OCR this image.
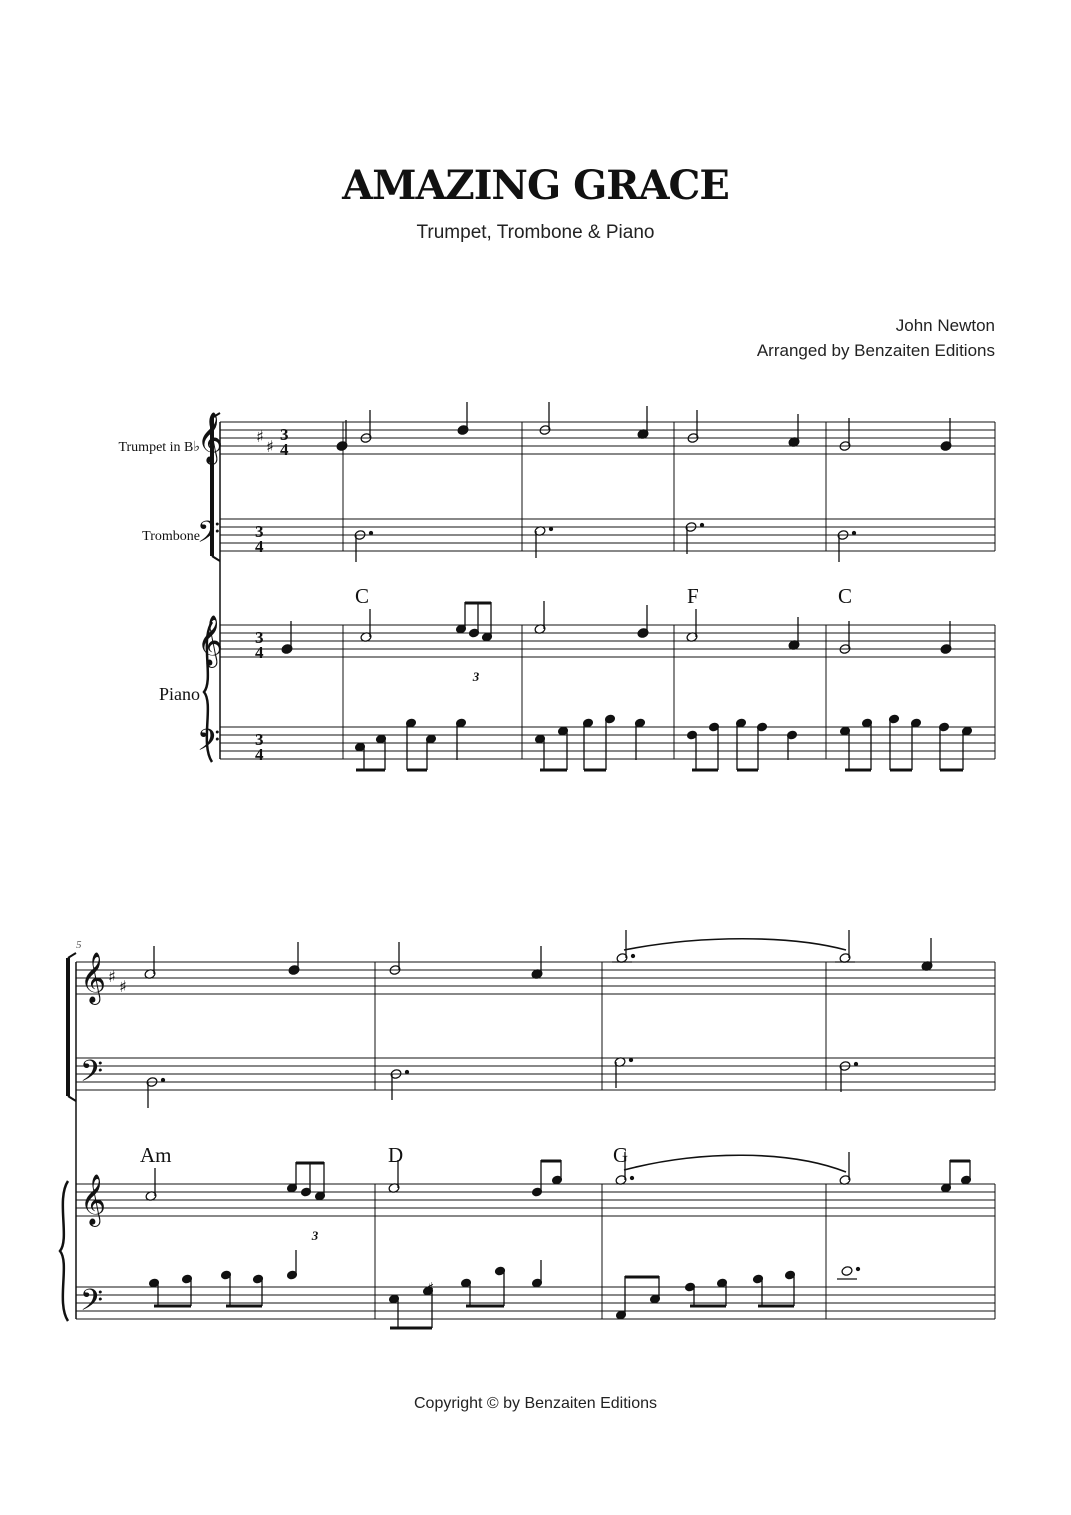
AMAZING GRACE
Trumpet, Trombone & Piano
John Newton
Arranged by Benzaiten Editions
Copyright © by Benzaiten Editions
𝄞
𝄢
𝄞
𝄢
♯
♯
3
4
3
4
3
4
3
4
Trumpet in B♭
Trombone
Piano
C	F	C
3
5
𝄞
𝄢
𝄞
𝄢
♯
♯
Am	D	G
♯
3
